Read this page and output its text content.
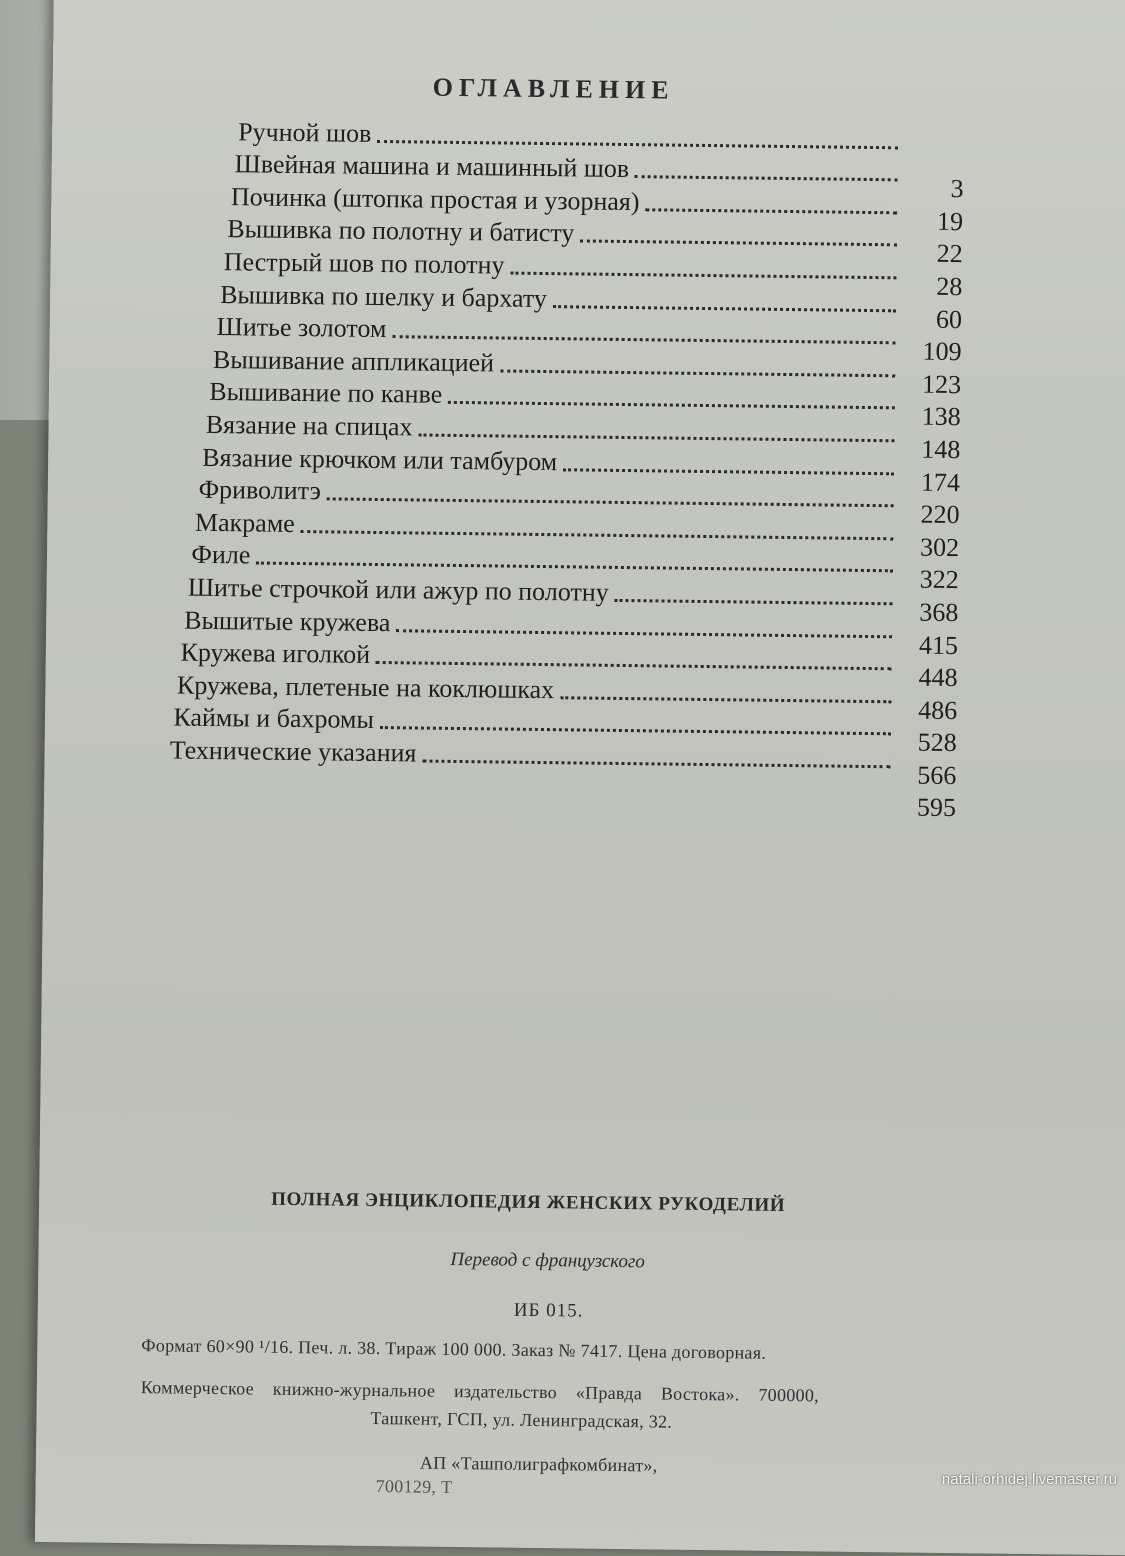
ОГЛАВЛЕНИЕ
Ручной шов
Швейная машина и машинный шов
3
Починка (штопка простая и узорная)
19
Вышивка по полотну и батисту
22
Пестрый шов по полотну
28
Вышивка по шелку и бархату
60
Шитье золотом
109
Вышивание аппликацией
123
Вышивание по канве
138
Вязание на спицах
148
Вязание крючком или тамбуром
174
Фриволитэ
220
Макраме
302
Филе
322
Шитье строчкой или ажур по полотну
368
Вышитые кружева
415
Кружева иголкой
448
Кружева, плетеные на коклюшках
486
Каймы и бахромы
528
Технические указания
566
595
ПОЛНАЯ ЭНЦИКЛОПЕДИЯ ЖЕНСКИХ РУКОДЕЛИЙ
Перевод с французского
ИБ 015.
Формат 60×90 ¹/16. Печ. л. 38. Тираж 100 000. Заказ № 7417. Цена договорная.
Коммерческое книжно-журнальное издательство «Правда Востока». 700000,
Ташкент, ГСП, ул. Ленинградская, 32.
АП «Ташполиграфкомбинат»,
700129, Т	natali-orhidej.livemaster.ru
